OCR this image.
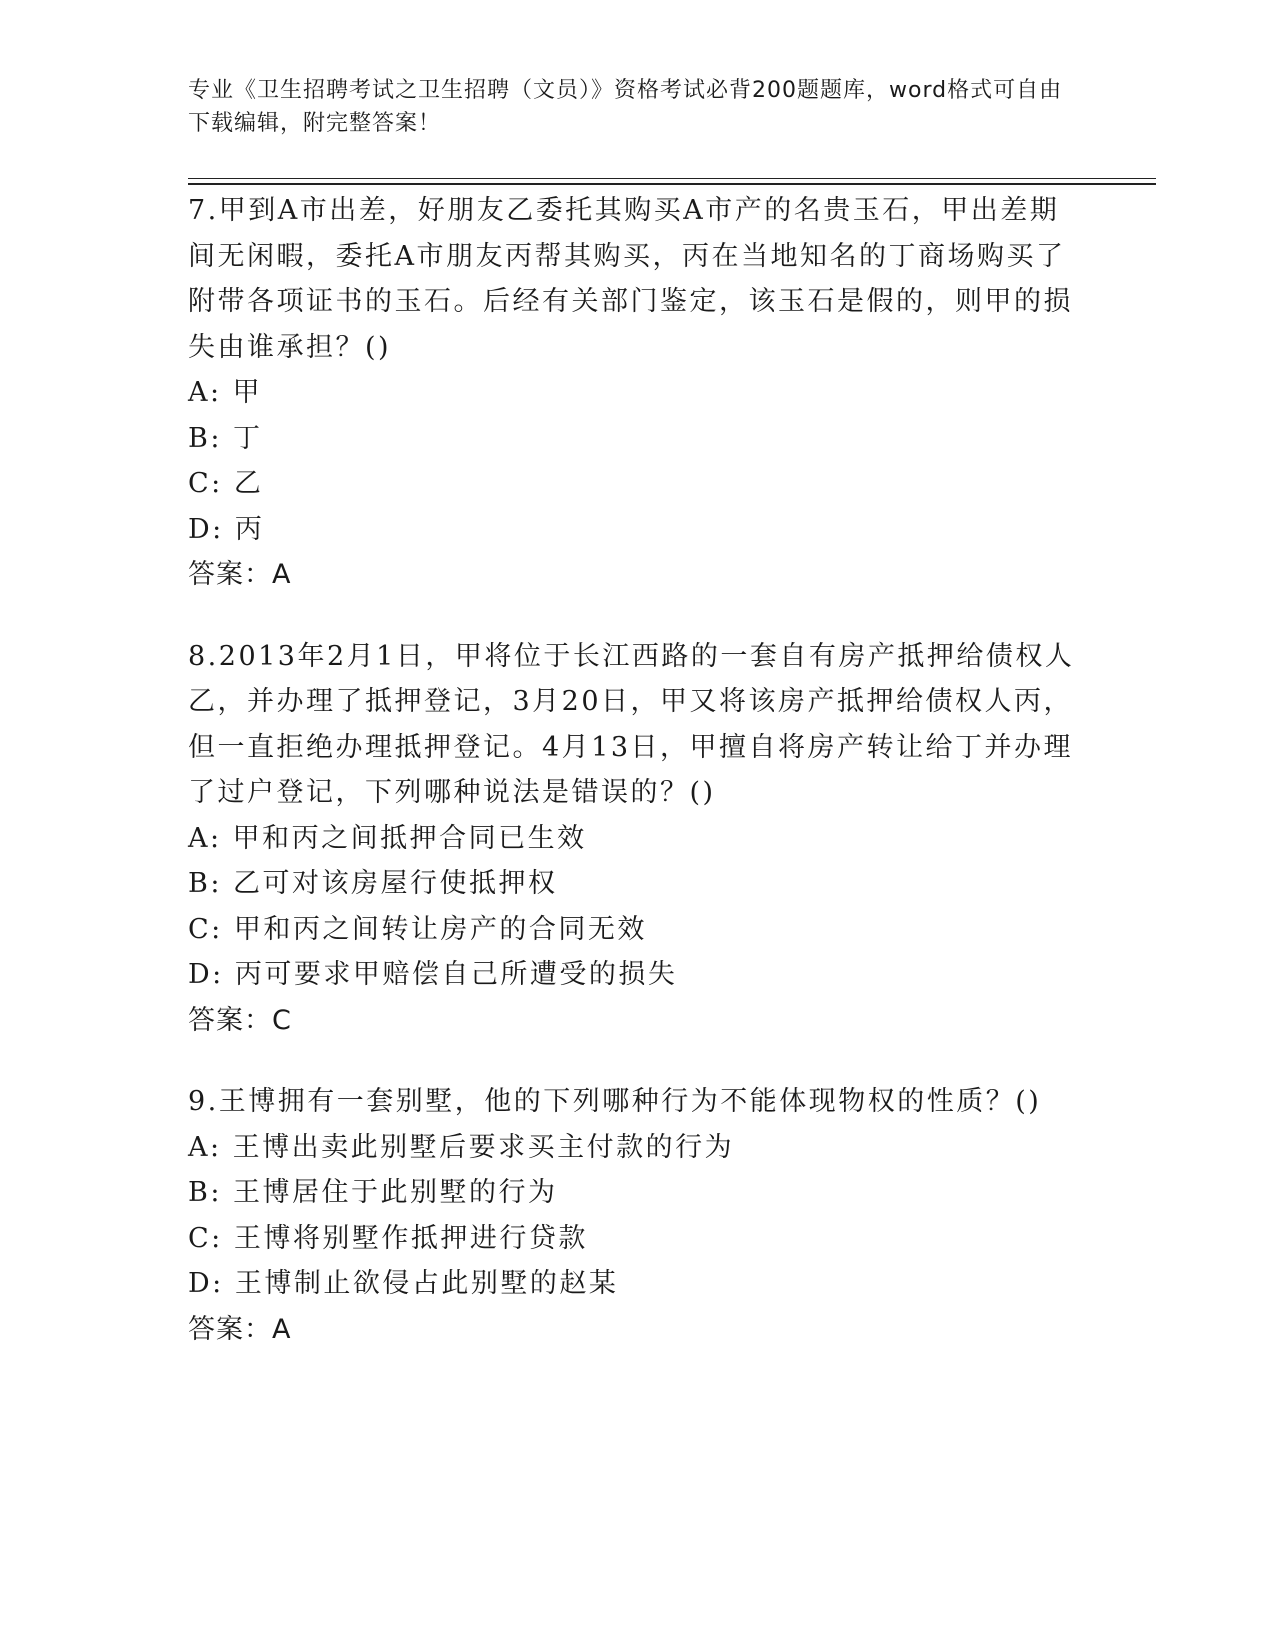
专业《卫生招聘考试之卫生招聘（文员）》资格考试必背200题题库，word格式可自由下载编辑，附完整答案！
7.甲到A市出差，好朋友乙委托其购买A市产的名贵玉石，甲出差期间无闲暇，委托A市朋友丙帮其购买，丙在当地知名的丁商场购买了附带各项证书的玉石。后经有关部门鉴定，该玉石是假的，则甲的损失由谁承担？()
A: 甲
B: 丁
C: 乙
D: 丙
答案：A
8.2013年2月1日，甲将位于长江西路的一套自有房产抵押给债权人乙，并办理了抵押登记，3月20日，甲又将该房产抵押给债权人丙，但一直拒绝办理抵押登记。4月13日，甲擅自将房产转让给丁并办理了过户登记，下列哪种说法是错误的？()
A: 甲和丙之间抵押合同已生效
B: 乙可对该房屋行使抵押权
C: 甲和丙之间转让房产的合同无效
D: 丙可要求甲赔偿自己所遭受的损失
答案：C
9.王博拥有一套别墅，他的下列哪种行为不能体现物权的性质？()
A: 王博出卖此别墅后要求买主付款的行为
B: 王博居住于此别墅的行为
C: 王博将别墅作抵押进行贷款
D: 王博制止欲侵占此别墅的赵某
答案：A
